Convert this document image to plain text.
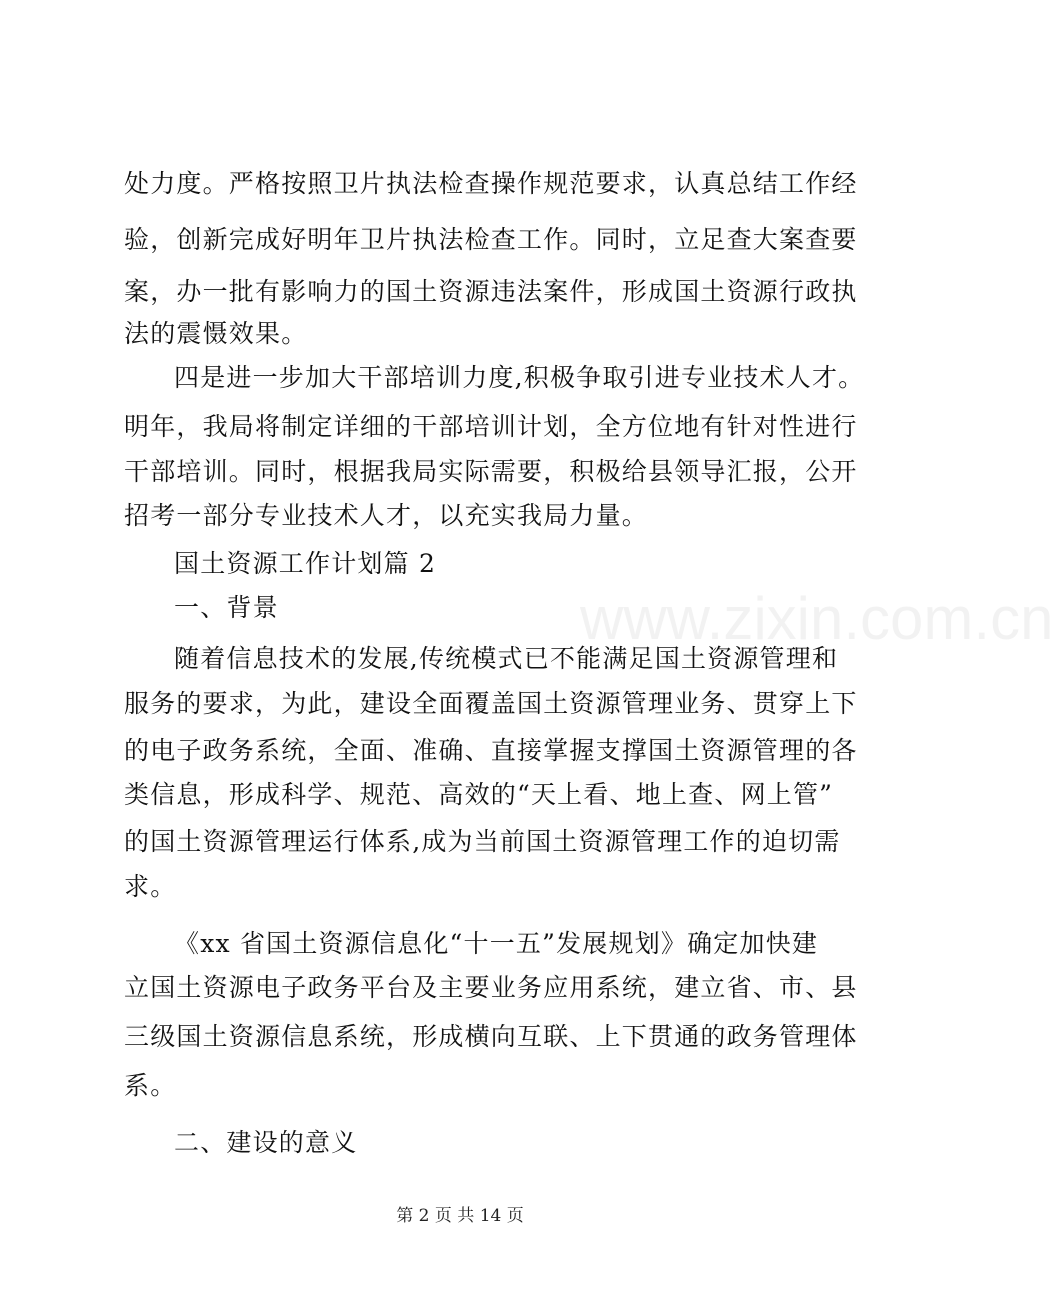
www.zixin.com.cn
处力度。严格按照卫片执法检查操作规范要求，认真总结工作经
验，创新完成好明年卫片执法检查工作。同时，立足查大案查要
案，办一批有影响力的国土资源违法案件，形成国土资源行政执
法的震慑效果。
四是进一步加大干部培训力度,积极争取引进专业技术人才。
明年，我局将制定详细的干部培训计划，全方位地有针对性进行
干部培训。同时，根据我局实际需要，积极给县领导汇报，公开
招考一部分专业技术人才，以充实我局力量。
国土资源工作计划篇 2
一、背景
随着信息技术的发展,传统模式已不能满足国土资源管理和
服务的要求，为此，建设全面覆盖国土资源管理业务、贯穿上下
的电子政务系统，全面、准确、直接掌握支撑国土资源管理的各
类信息，形成科学、规范、高效的“天上看、地上查、网上管”
的国土资源管理运行体系,成为当前国土资源管理工作的迫切需
求。
《xx 省国土资源信息化“十一五”发展规划》确定加快建
立国土资源电子政务平台及主要业务应用系统，建立省、市、县
三级国土资源信息系统，形成横向互联、上下贯通的政务管理体
系。
二、建设的意义
第 2 页 共 14 页
